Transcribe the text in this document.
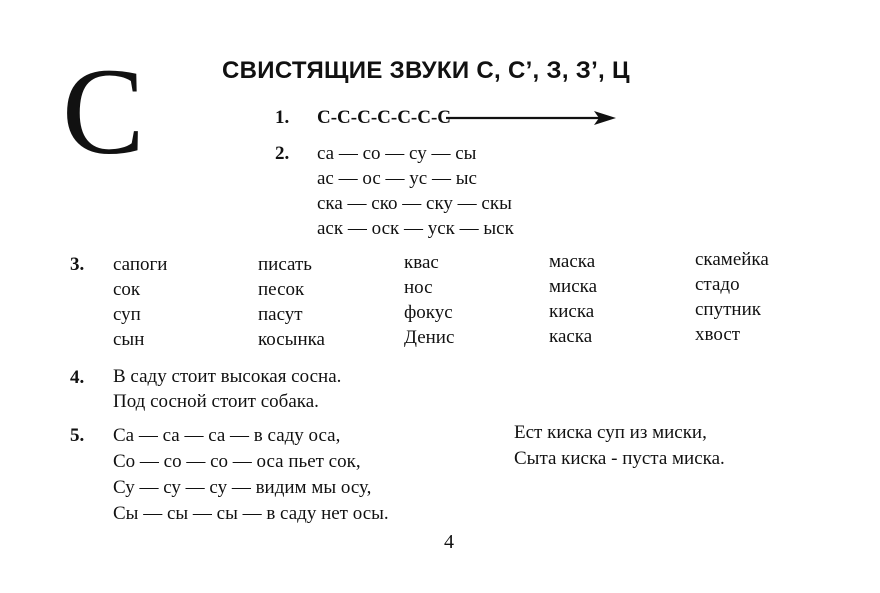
С	СВИСТЯЩИЕ ЗВУКИ С, С’, З, З’, Ц
1. С-С-С-С-С-С-С
2. са — со — су — сы
ас — ос — ус — ыс
ска — ско — ску — скы
аск — оск — уск — ыск
3. сапоги
сок
суп
сын
писать
песок
пасут
косынка
квас
нос
фокус
Денис
маска
миска
киска
каска
скамейка
стадо
спутник
хвост
4. В саду стоит высокая сосна.
Под сосной стоит собака.
5. Са — са — са — в саду оса,
Со — со — со — оса пьет сок,
Су — су — су — видим мы осу,
Сы — сы — сы — в саду нет осы.
Ест киска суп из миски,
Сыта киска - пуста миска.
4
